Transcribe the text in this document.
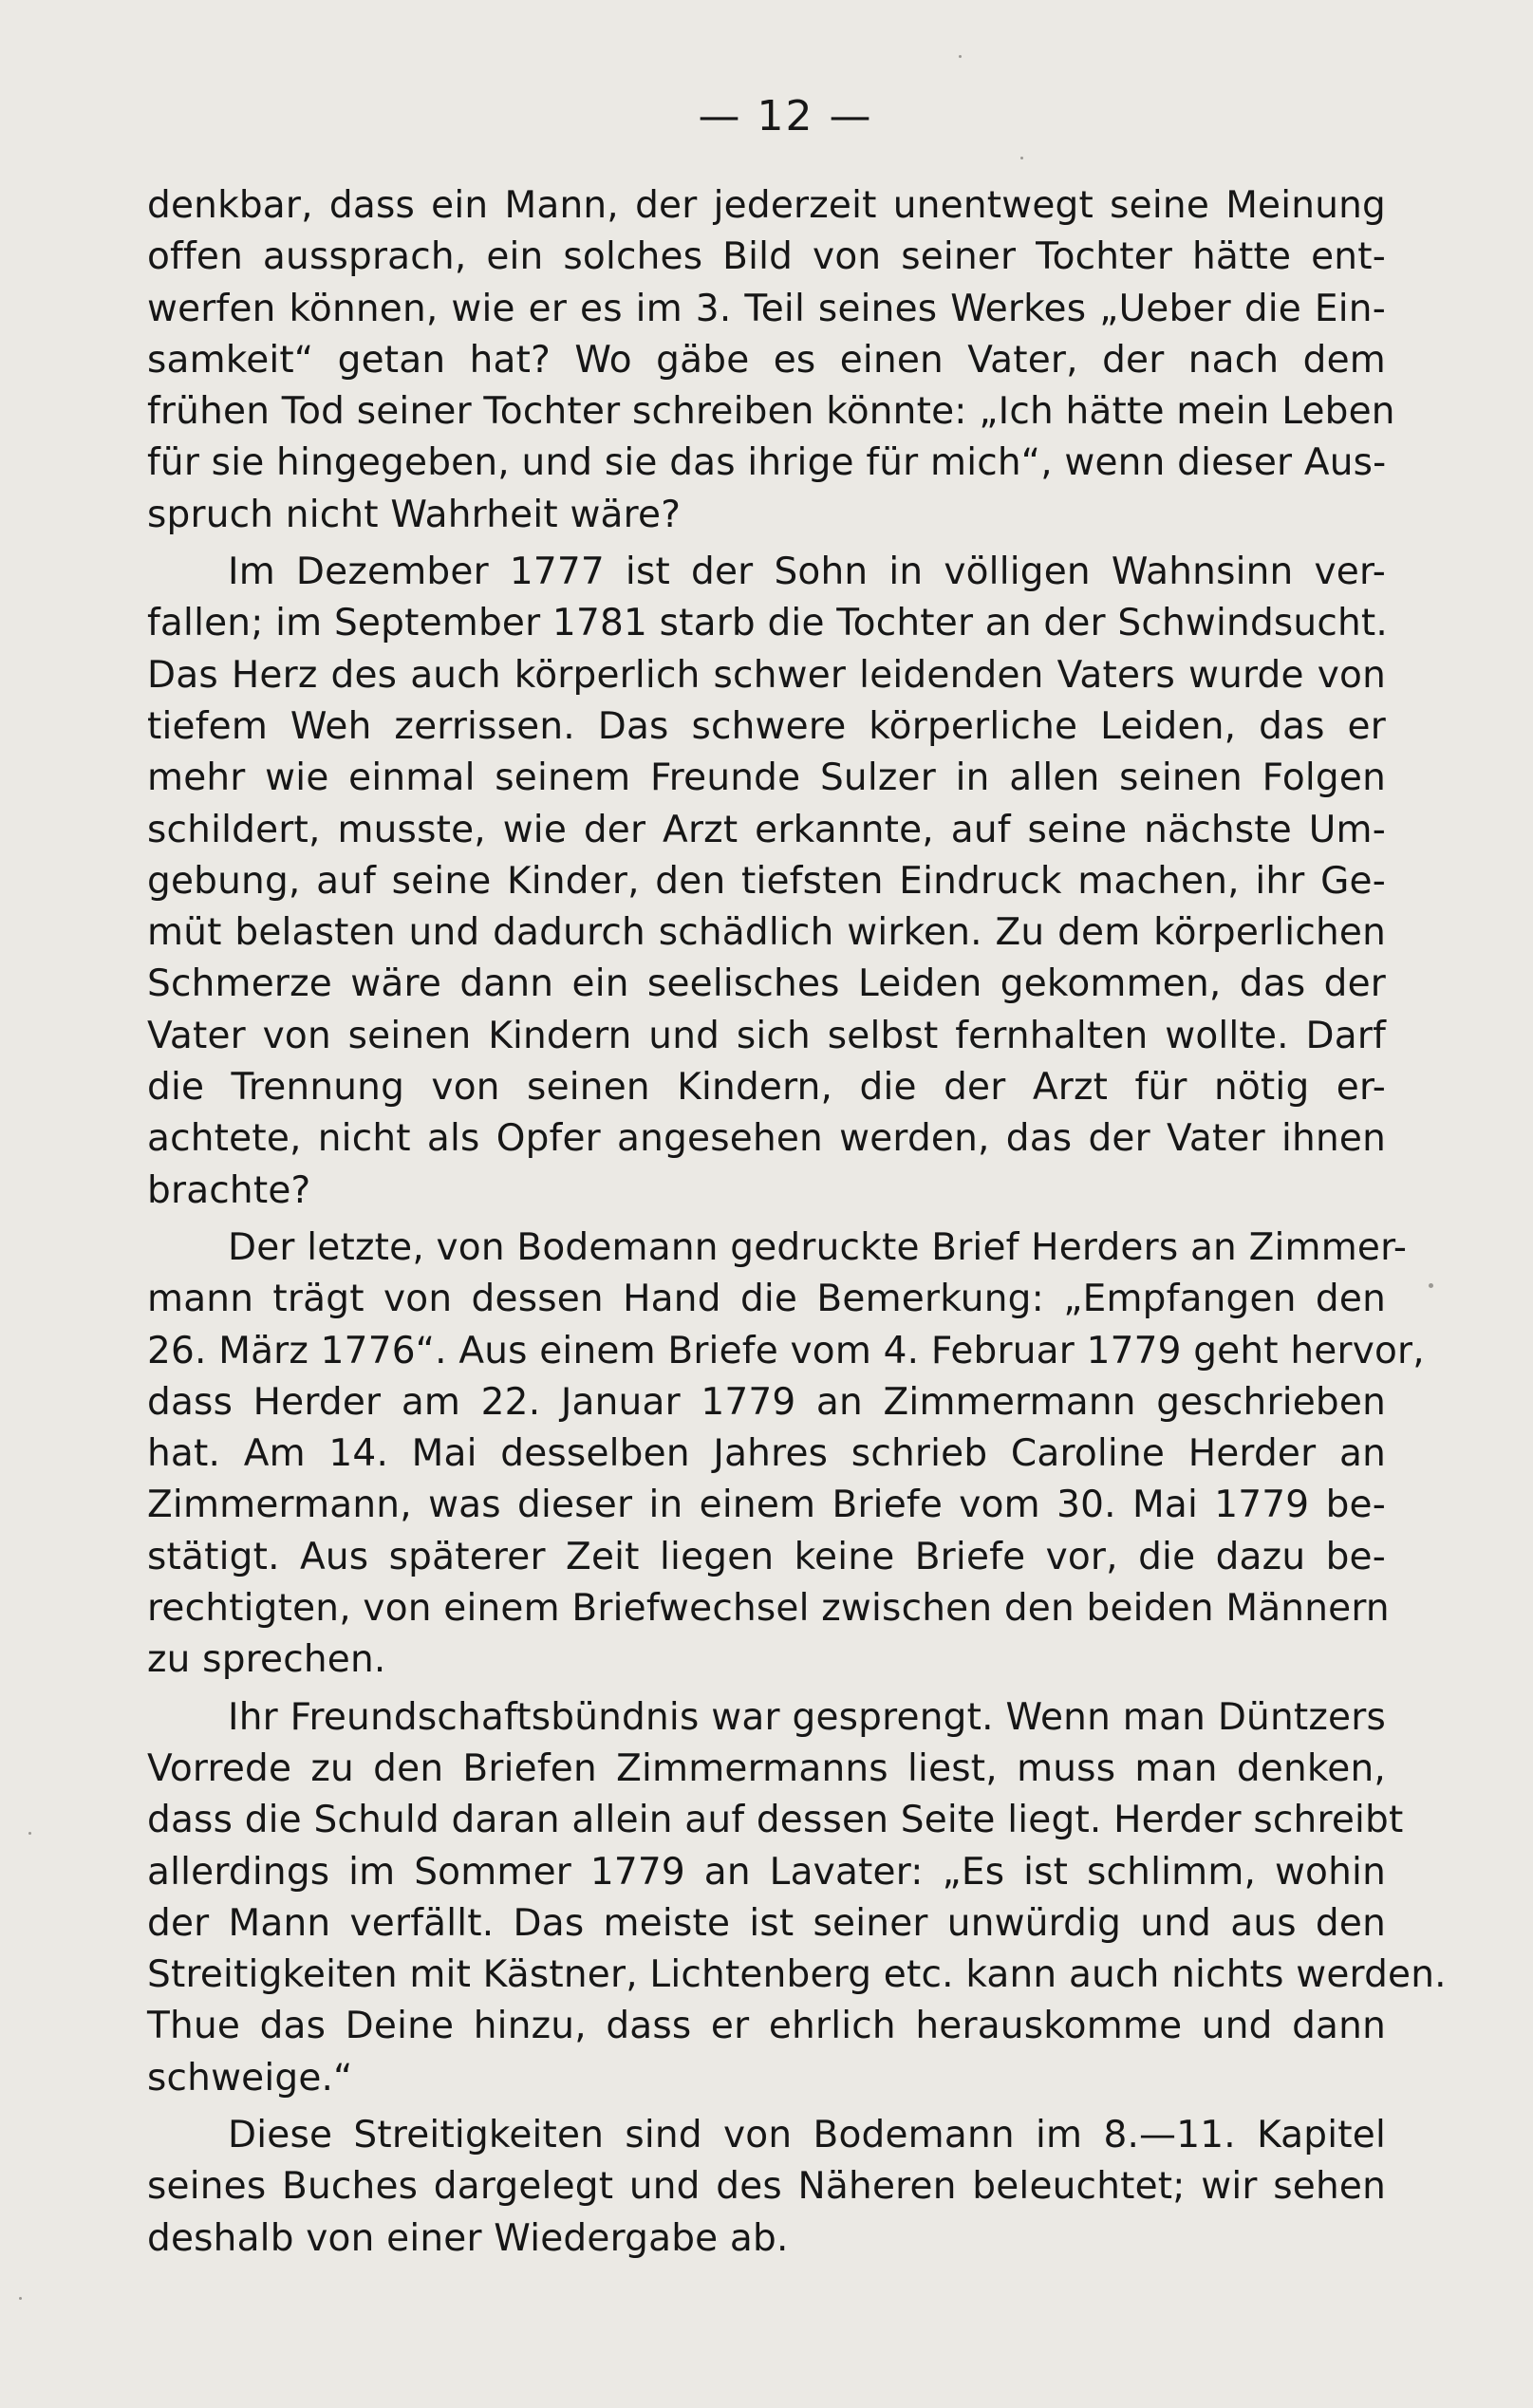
— 12 —
denkbar, dass ein Mann, der jederzeit unentwegt seine Meinung
offen aussprach, ein solches Bild von seiner Tochter hätte ent-
werfen können, wie er es im 3. Teil seines Werkes „Ueber die Ein-
samkeit“ getan hat? Wo gäbe es einen Vater, der nach dem
frühen Tod seiner Tochter schreiben könnte: „Ich hätte mein Leben
für sie hingegeben, und sie das ihrige für mich“, wenn dieser Aus-
spruch nicht Wahrheit wäre?
Im Dezember 1777 ist der Sohn in völligen Wahnsinn ver-
fallen; im September 1781 starb die Tochter an der Schwindsucht.
Das Herz des auch körperlich schwer leidenden Vaters wurde von
tiefem Weh zerrissen. Das schwere körperliche Leiden, das er
mehr wie einmal seinem Freunde Sulzer in allen seinen Folgen
schildert, musste, wie der Arzt erkannte, auf seine nächste Um-
gebung, auf seine Kinder, den tiefsten Eindruck machen, ihr Ge-
müt belasten und dadurch schädlich wirken. Zu dem körperlichen
Schmerze wäre dann ein seelisches Leiden gekommen, das der
Vater von seinen Kindern und sich selbst fernhalten wollte. Darf
die Trennung von seinen Kindern, die der Arzt für nötig er-
achtete, nicht als Opfer angesehen werden, das der Vater ihnen
brachte?
Der letzte, von Bodemann gedruckte Brief Herders an Zimmer-
mann trägt von dessen Hand die Bemerkung: „Empfangen den
26. März 1776“. Aus einem Briefe vom 4. Februar 1779 geht hervor,
dass Herder am 22. Januar 1779 an Zimmermann geschrieben
hat. Am 14. Mai desselben Jahres schrieb Caroline Herder an
Zimmermann, was dieser in einem Briefe vom 30. Mai 1779 be-
stätigt. Aus späterer Zeit liegen keine Briefe vor, die dazu be-
rechtigten, von einem Briefwechsel zwischen den beiden Männern
zu sprechen.
Ihr Freundschaftsbündnis war gesprengt. Wenn man Düntzers
Vorrede zu den Briefen Zimmermanns liest, muss man denken,
dass die Schuld daran allein auf dessen Seite liegt. Herder schreibt
allerdings im Sommer 1779 an Lavater: „Es ist schlimm, wohin
der Mann verfällt. Das meiste ist seiner unwürdig und aus den
Streitigkeiten mit Kästner, Lichtenberg etc. kann auch nichts werden.
Thue das Deine hinzu, dass er ehrlich herauskomme und dann
schweige.“
Diese Streitigkeiten sind von Bodemann im 8.—11. Kapitel
seines Buches dargelegt und des Näheren beleuchtet; wir sehen
deshalb von einer Wiedergabe ab.
